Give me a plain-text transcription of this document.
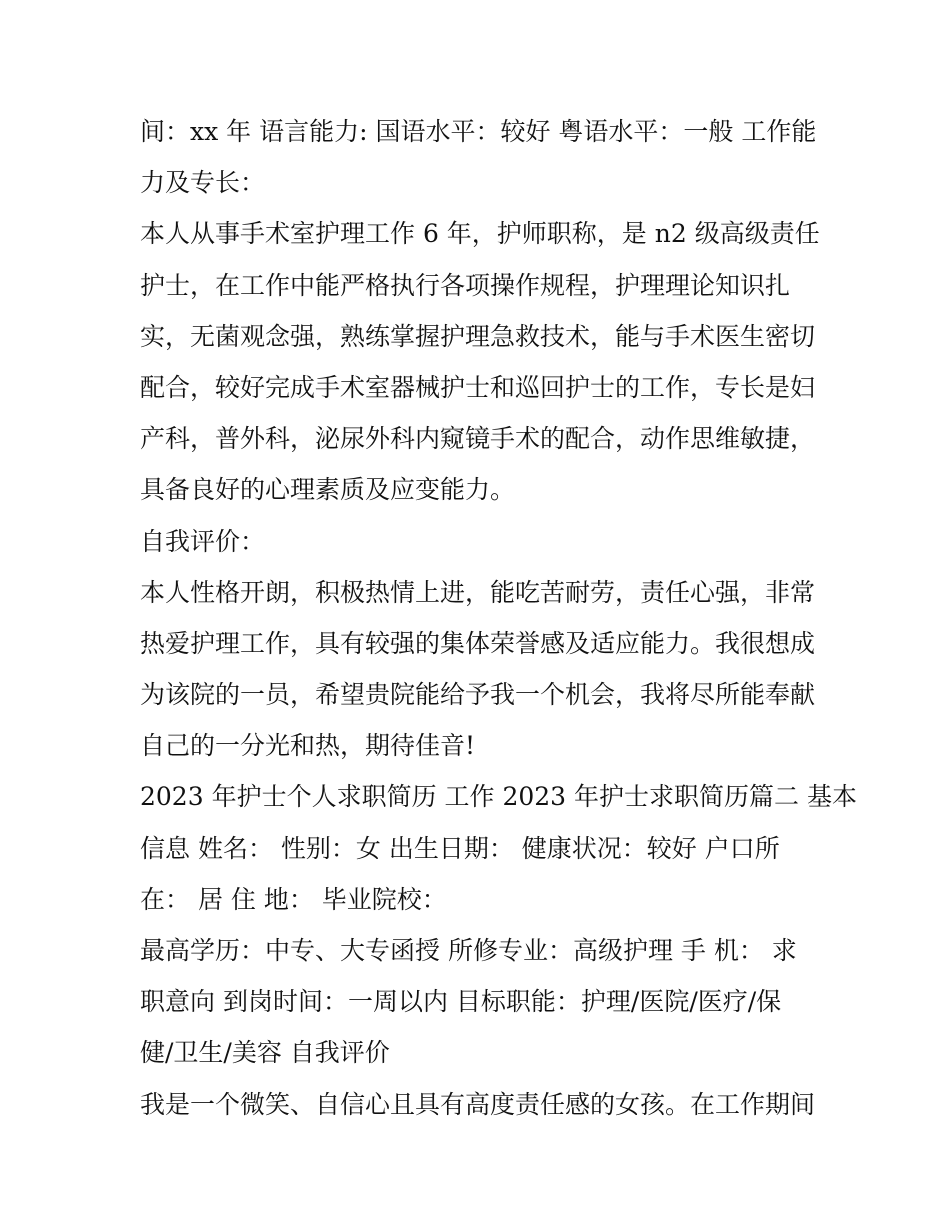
间：xx 年 语言能力: 国语水平：较好 粤语水平：一般 工作能
力及专长：
本人从事手术室护理工作 6 年，护师职称，是 n2 级高级责任
护士，在工作中能严格执行各项操作规程，护理理论知识扎
实，无菌观念强，熟练掌握护理急救技术，能与手术医生密切
配合，较好完成手术室器械护士和巡回护士的工作，专长是妇
产科，普外科，泌尿外科内窥镜手术的配合，动作思维敏捷，
具备良好的心理素质及应变能力。
自我评价：
本人性格开朗，积极热情上进，能吃苦耐劳，责任心强，非常
热爱护理工作，具有较强的集体荣誉感及适应能力。我很想成
为该院的一员，希望贵院能给予我一个机会，我将尽所能奉献
自己的一分光和热，期待佳音!
2023 年护士个人求职简历 工作 2023 年护士求职简历篇二 基本
信息 姓名： 性别：女 出生日期： 健康状况：较好 户口所
在： 居 住 地： 毕业院校：
最高学历：中专、大专函授 所修专业：高级护理 手 机： 求
职意向 到岗时间：一周以内 目标职能：护理/医院/医疗/保
健/卫生/美容 自我评价
我是一个微笑、自信心且具有高度责任感的女孩。在工作期间
